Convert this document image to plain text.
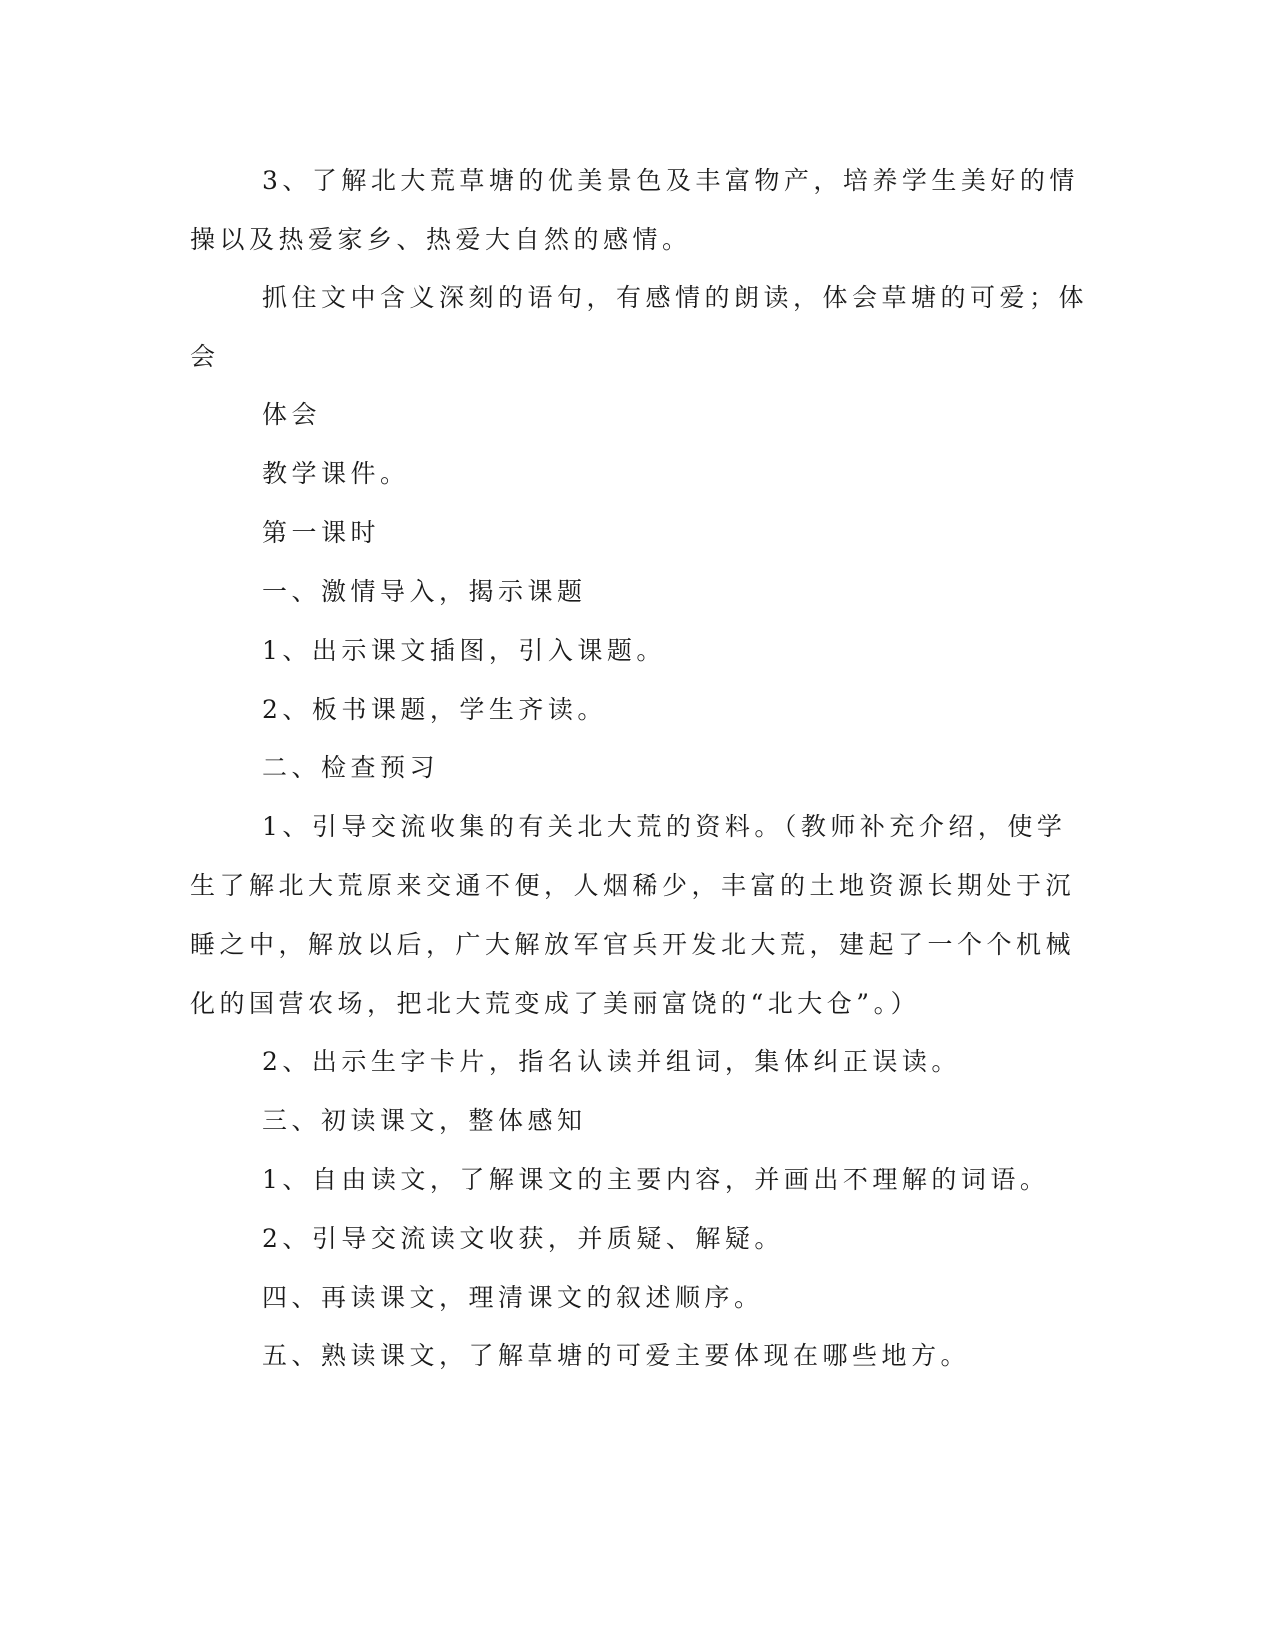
3、了解北大荒草塘的优美景色及丰富物产，培养学生美好的情

操以及热爱家乡、热爱大自然的感情。

抓住文中含义深刻的语句，有感情的朗读，体会草塘的可爱；体

会

体会

教学课件。

第一课时

一、激情导入，揭示课题

1、出示课文插图，引入课题。

2、板书课题，学生齐读。

二、检查预习

1、引导交流收集的有关北大荒的资料。（教师补充介绍，使学

生了解北大荒原来交通不便，人烟稀少，丰富的土地资源长期处于沉

睡之中，解放以后，广大解放军官兵开发北大荒，建起了一个个机械

化的国营农场，把北大荒变成了美丽富饶的“北大仓”。）

2、出示生字卡片，指名认读并组词，集体纠正误读。

三、初读课文，整体感知

1、自由读文，了解课文的主要内容，并画出不理解的词语。

2、引导交流读文收获，并质疑、解疑。

四、再读课文，理清课文的叙述顺序。

五、熟读课文，了解草塘的可爱主要体现在哪些地方。
